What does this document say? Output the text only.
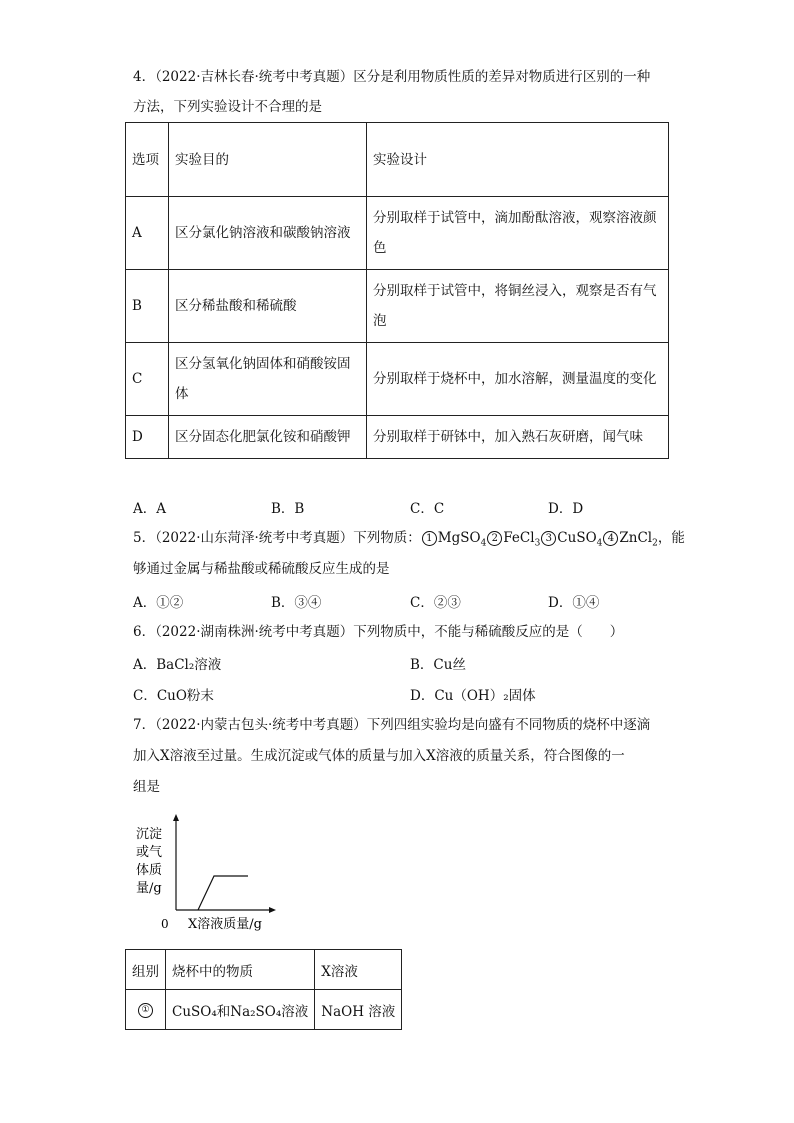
4．（2022·吉林长春·统考中考真题）区分是利用物质性质的差异对物质进行区别的一种
方法，下列实验设计不合理的是
选项	实验目的	实验设计
A	区分氯化钠溶液和碳酸钠溶液	分别取样于试管中，滴加酚酞溶液，观察溶液颜色
B	区分稀盐酸和稀硫酸	分别取样于试管中，将铜丝浸入，观察是否有气泡
C	区分氢氧化钠固体和硝酸铵固体	分别取样于烧杯中，加水溶解，测量温度的变化
D	区分固态化肥氯化铵和硝酸钾	分别取样于研钵中，加入熟石灰研磨，闻气味
A．A	B．B	C．C	D．D
5．（2022·山东菏泽·统考中考真题）下列物质： 1 MgSO$_4$ 2 FeCl$_3$ 3 CuSO$_4$ 4 ZnCl$_2$，能
够通过金属与稀盐酸或稀硫酸反应生成的是
A．①②	B．③④	C．②③	D．①④
6．（2022·湖南株洲·统考中考真题）下列物质中，不能与稀硫酸反应的是（　　）
A．BaCl₂溶液	B．Cu丝
C．CuO粉末	D．Cu（OH）₂固体
7．（2022·内蒙古包头·统考中考真题）下列四组实验均是向盛有不同物质的烧杯中逐滴
加入X溶液至过量。生成沉淀或气体的质量与加入X溶液的质量关系，符合图像的一
组是
沉淀
或气
体质
量/g
0 X溶液质量/g
组别	烧杯中的物质	X溶液
①	CuSO₄和Na₂SO₄溶液	NaOH 溶液
